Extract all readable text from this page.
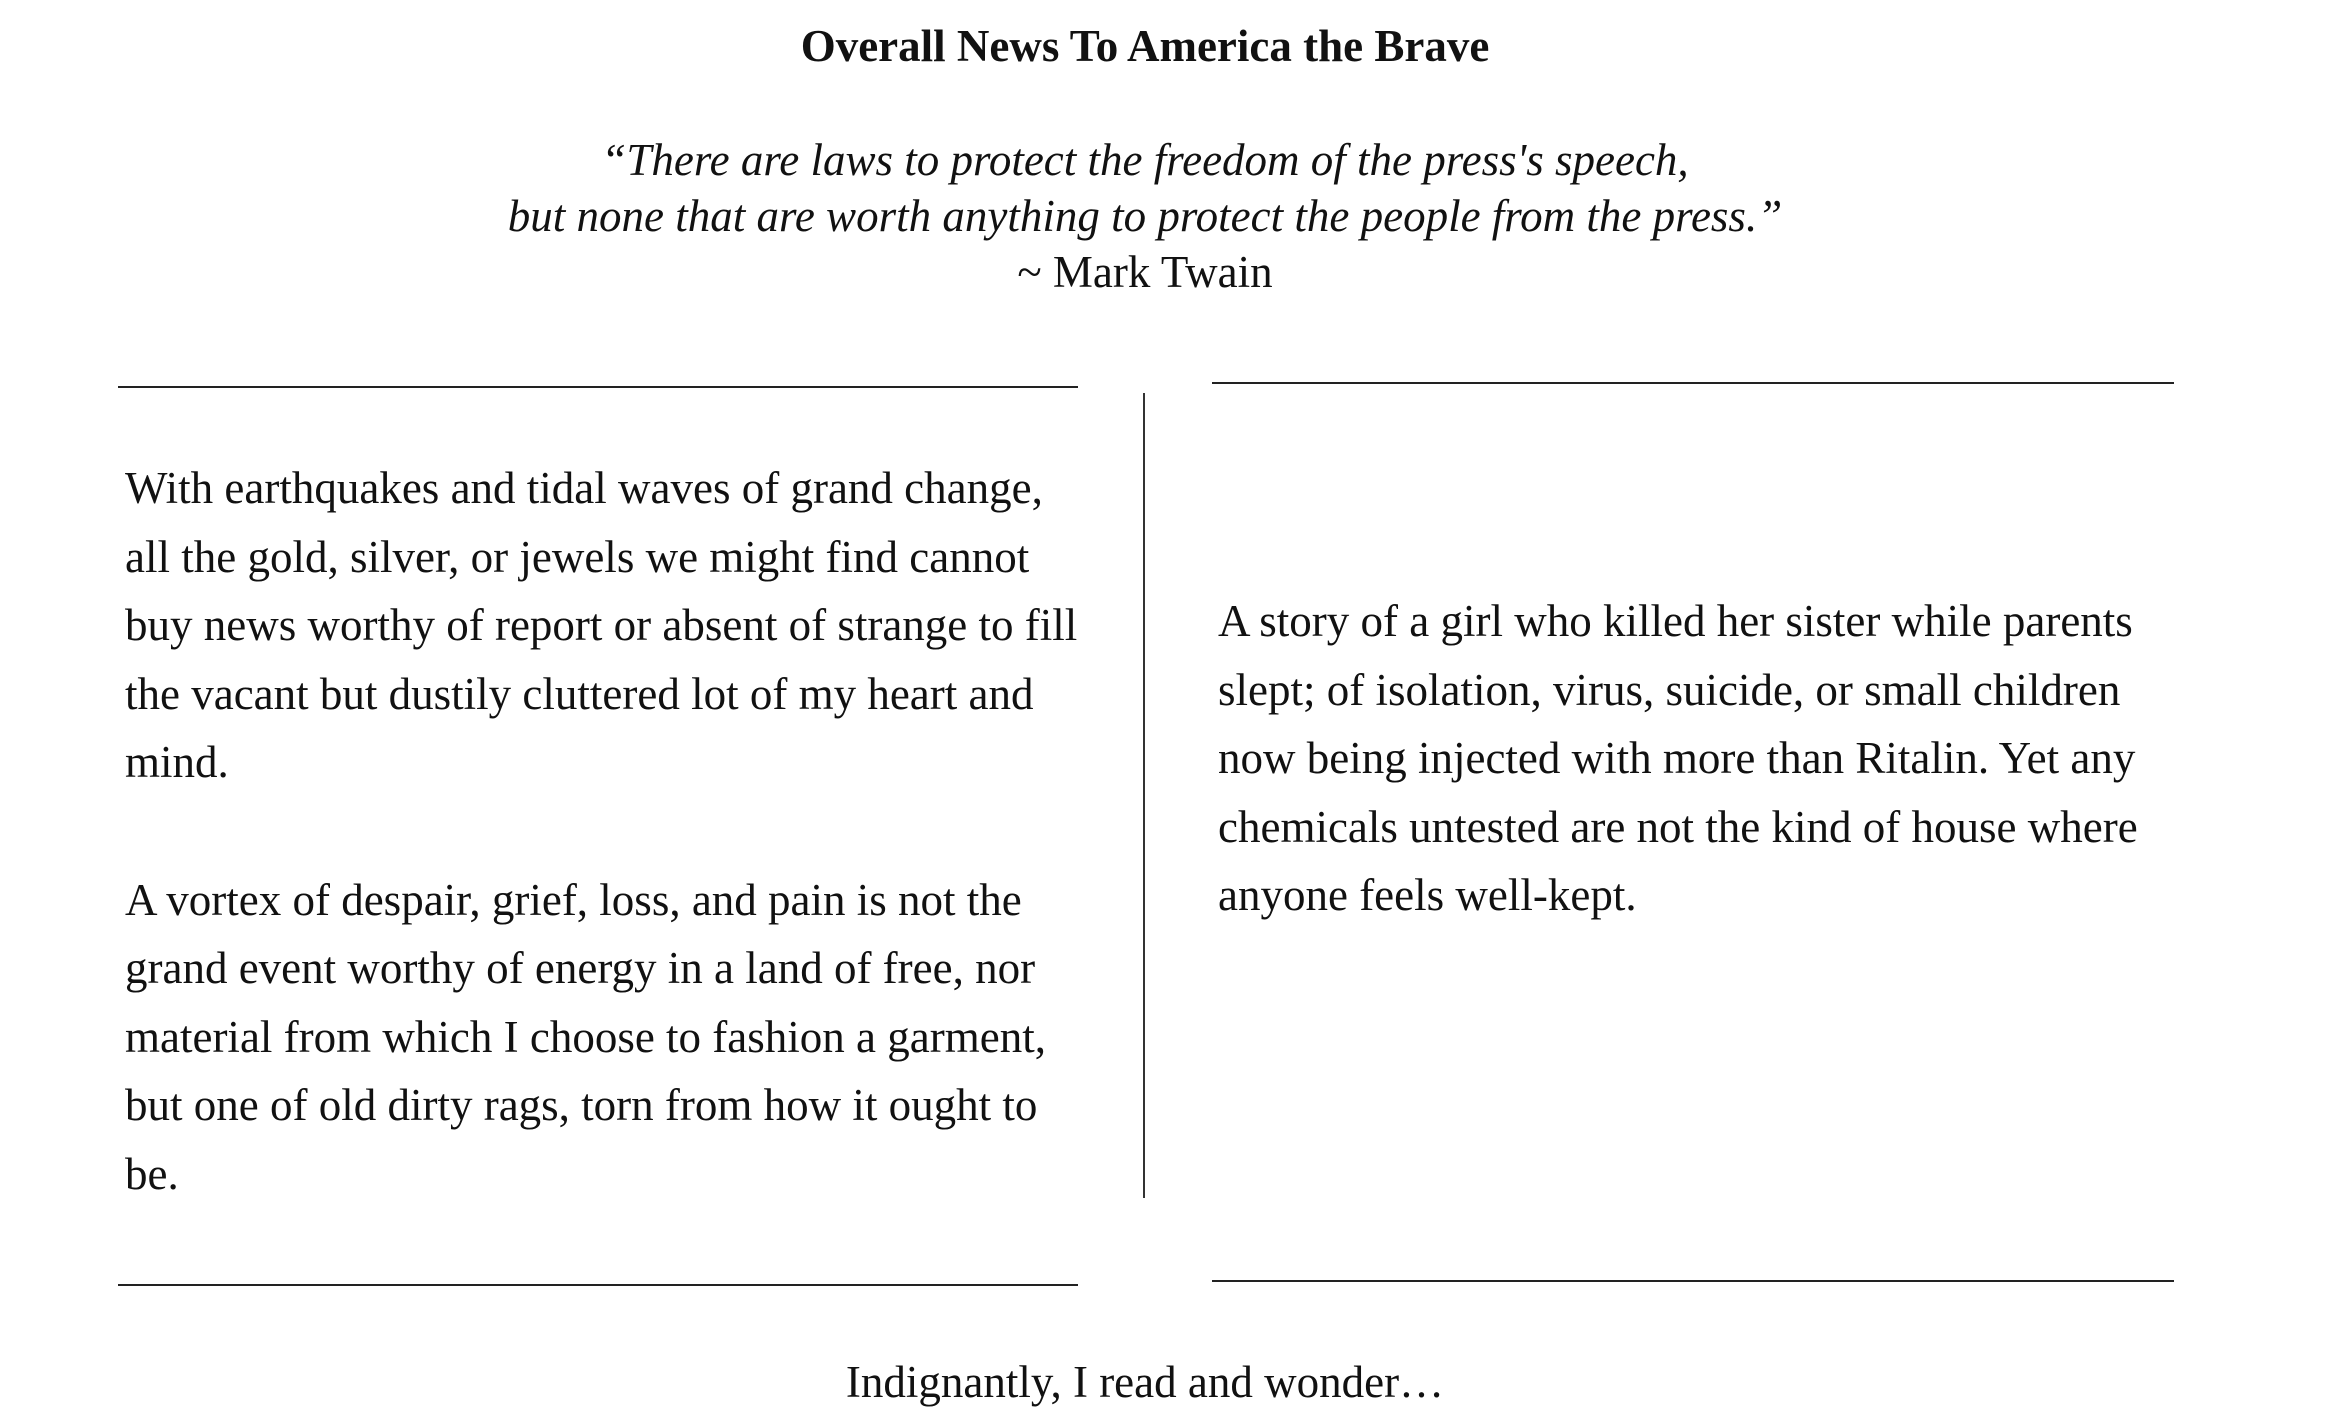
Overall News To America the Brave
“There are laws to protect the freedom of the press's speech,
but none that are worth anything to protect the people from the press.”
~ Mark Twain

With earthquakes and tidal waves of grand change, all the gold, silver, or jewels we might find cannot buy news worthy of report or absent of strange to fill the vacant but dustily cluttered lot of my heart and mind.

A vortex of despair, grief, loss, and pain is not the grand event worthy of energy in a land of free, nor material from which I choose to fashion a garment, but one of old dirty rags, torn from how it ought to be.

A story of a girl who killed her sister while parents slept; of isolation, virus, suicide, or small children now being injected with more than Ritalin. Yet any chemicals untested are not the kind of house where anyone feels well-kept.

Indignantly, I read and wonder…
